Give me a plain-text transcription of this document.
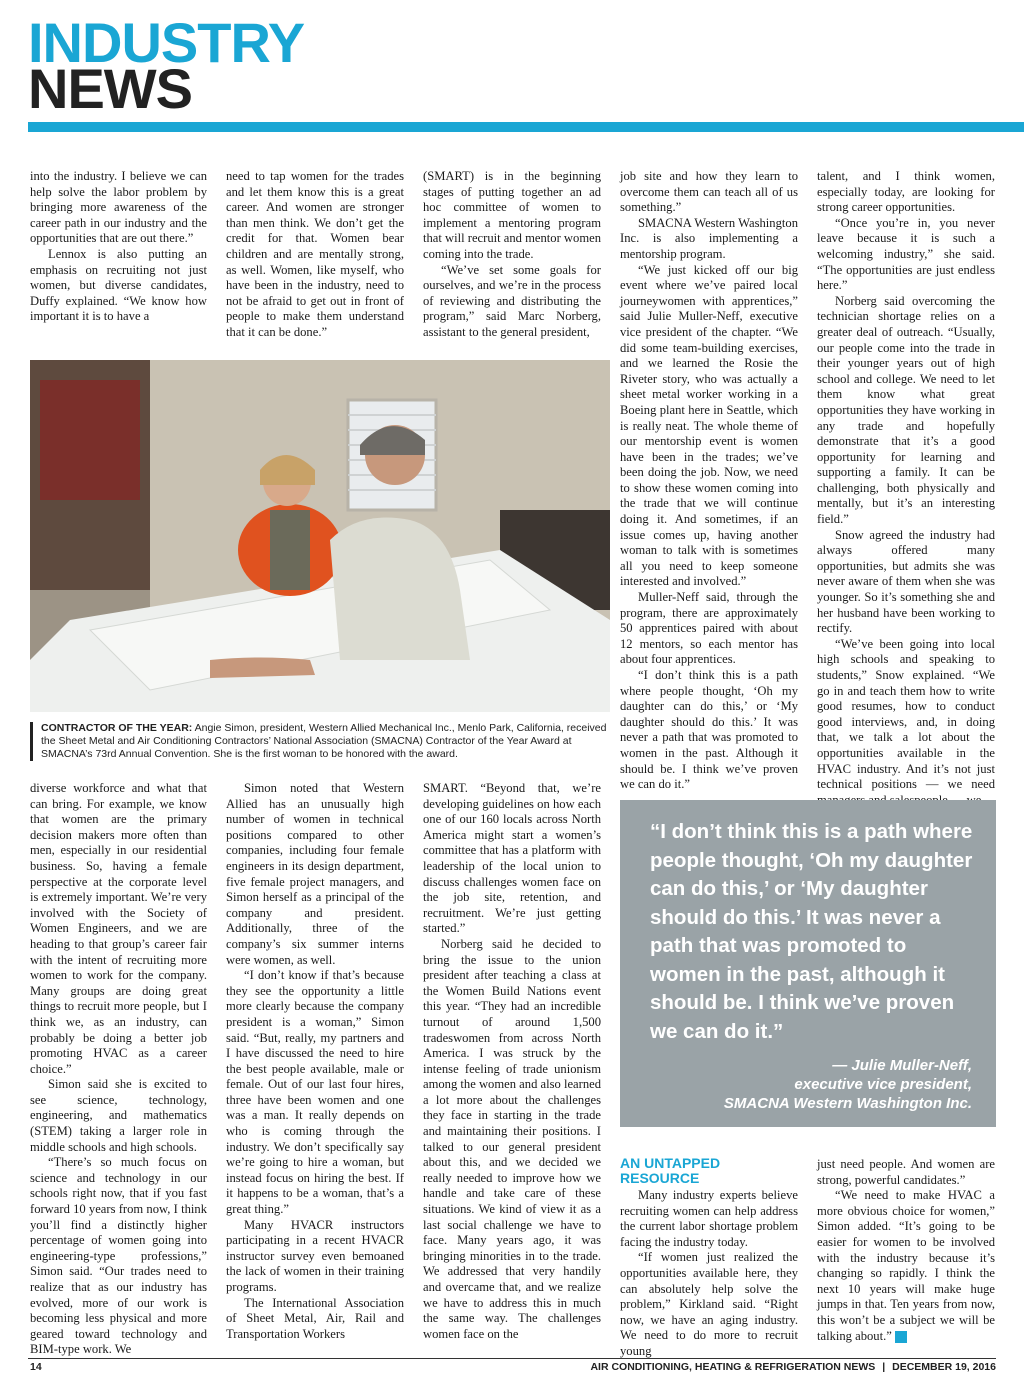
INDUSTRY
NEWS

into the industry. I believe we can help solve the labor problem by bringing more awareness of the career path in our industry and the opportunities that are out there.”

Lennox is also putting an emphasis on recruiting not just women, but diverse candidates, Duffy explained. “We know how important it is to have a

need to tap women for the trades and let them know this is a great career. And women are stronger than men think. We don’t get the credit for that. Women bear children and are mentally strong, as well. Women, like myself, who have been in the industry, need to not be afraid to get out in front of people to make them understand that it can be done.”

(SMART) is in the beginning stages of putting together an ad hoc committee of women to implement a mentoring program that will recruit and mentor women coming into the trade.

“We’ve set some goals for ourselves, and we’re in the process of reviewing and distributing the program,” said Marc Norberg, assistant to the general president,

CONTRACTOR OF THE YEAR: Angie Simon, president, Western Allied Mechanical Inc., Menlo Park, California, received the Sheet Metal and Air Conditioning Contractors’ National Association (SMACNA) Contractor of the Year Award at SMACNA’s 73rd Annual Convention. She is the first woman to be honored with the award.

job site and how they learn to overcome them can teach all of us something.”

SMACNA Western Washington Inc. is also implementing a mentorship program.

“We just kicked off our big event where we’ve paired local journeywomen with apprentices,” said Julie Muller-Neff, executive vice president of the chapter. “We did some team-building exercises, and we learned the Rosie the Riveter story, who was actually a sheet metal worker working in a Boeing plant here in Seattle, which is really neat. The whole theme of our mentorship event is women have been in the trades; we’ve been doing the job. Now, we need to show these women coming into the trade that we will continue doing it. And sometimes, if an issue comes up, having another woman to talk with is sometimes all you need to keep someone interested and involved.”

Muller-Neff said, through the program, there are approximately 50 apprentices paired with about 12 mentors, so each mentor has about four apprentices.

“I don’t think this is a path where people thought, ‘Oh my daughter can do this,’ or ‘My daughter should do this.’ It was never a path that was promoted to women in the past. Although it should be. I think we’ve proven we can do it.”

talent, and I think women, especially today, are looking for strong career opportunities.

“Once you’re in, you never leave because it is such a welcoming industry,” she said. “The opportunities are just endless here.”

Norberg said overcoming the technician shortage relies on a greater deal of outreach. “Usually, our people come into the trade in their younger years out of high school and college. We need to let them know what great opportunities they have working in any trade and hopefully demonstrate that it’s a good opportunity for learning and supporting a family. It can be challenging, both physically and mentally, but it’s an interesting field.”

Snow agreed the industry had always offered many opportunities, but admits she was never aware of them when she was younger. So it’s something she and her husband have been working to rectify.

“We’ve been going into local high schools and speaking to students,” Snow explained. “We go in and teach them how to write good resumes, how to conduct good interviews, and, in doing that, we talk a lot about the opportunities available in the HVAC industry. And it’s not just technical positions — we need

diverse workforce and what that can bring. For example, we know that women are the primary decision makers more often than men, especially in our residential business. So, having a female perspective at the corporate level is extremely important. We’re very involved with the Society of Women Engineers, and we are heading to that group’s career fair with the intent of recruiting more women to work for the company. Many groups are doing great things to recruit more people, but I think we, as an industry, can probably be doing a better job promoting HVAC as a career choice.”

Simon said she is excited to see science, technology, engineering, and mathematics (STEM) taking a larger role in middle schools and high schools.

“There’s so much focus on science and technology in our schools right now, that if you fast forward 10 years from now, I think you’ll find a distinctly higher percentage of women going into engineering-type professions,” Simon said. “Our trades need to realize that as our industry has evolved, more of our work is becoming less physical and more geared toward technology and BIM-type work. We

Simon noted that Western Allied has an unusually high number of women in technical positions compared to other companies, including four female engineers in its design department, five female project managers, and Simon herself as a principal of the company and president. Additionally, three of the company’s six summer interns were women, as well.

“I don’t know if that’s because they see the opportunity a little more clearly because the company president is a woman,” Simon said. “But, really, my partners and I have discussed the need to hire the best people available, male or female. Out of our last four hires, three have been women and one was a man. It really depends on who is coming through the industry. We don’t specifically say we’re going to hire a woman, but instead focus on hiring the best. If it happens to be a woman, that’s a great thing.”

Many HVACR instructors participating in a recent HVACR instructor survey even bemoaned the lack of women in their training programs.

The International Association of Sheet Metal, Air, Rail and Transportation Workers

SMART. “Beyond that, we’re developing guidelines on how each one of our 160 locals across North America might start a women’s committee that has a platform with leadership of the local union to discuss challenges women face on the job site, retention, and recruitment. We’re just getting started.”

Norberg said he decided to bring the issue to the union president after teaching a class at the Women Build Nations event this year. “They had an incredible turnout of around 1,500 tradeswomen from across North America. I was struck by the intense feeling of trade unionism among the women and also learned a lot more about the challenges they face in starting in the trade and maintaining their positions. I talked to our general president about this, and we decided we really needed to improve how we handle and take care of these situations. We kind of view it as a last social challenge we have to face. Many years ago, it was bringing minorities in to the trade. We addressed that very handily and overcame that, and we realize we have to address this in much the same way. The challenges women face on the

“I don’t think this is a path where people thought, ‘Oh my daughter can do this,’ or ‘My daughter should do this.’ It was never a path that was promoted to women in the past, although it should be. I think we’ve proven we can do it.”
— Julie Muller-Neff,
executive vice president,
SMACNA Western Washington Inc.
AN UNTAPPED RESOURCE

Many industry experts believe recruiting women can help address the current labor shortage problem facing the industry today.

“If women just realized the opportunities available here, they can absolutely help solve the problem,” Kirkland said. “Right now, we have an aging industry. We need to do more to recruit young

just need people. And women are strong, powerful candidates.”

“We need to make HVAC a more obvious choice for women,” Simon added. “It’s going to be easier for women to be involved with the industry because it’s changing so rapidly. I think the next 10 years will make huge jumps in that. Ten years from now, this won’t be a subject we will be talking about.” N

14	AIR CONDITIONING, HEATING & REFRIGERATION NEWS | DECEMBER 19, 2016
